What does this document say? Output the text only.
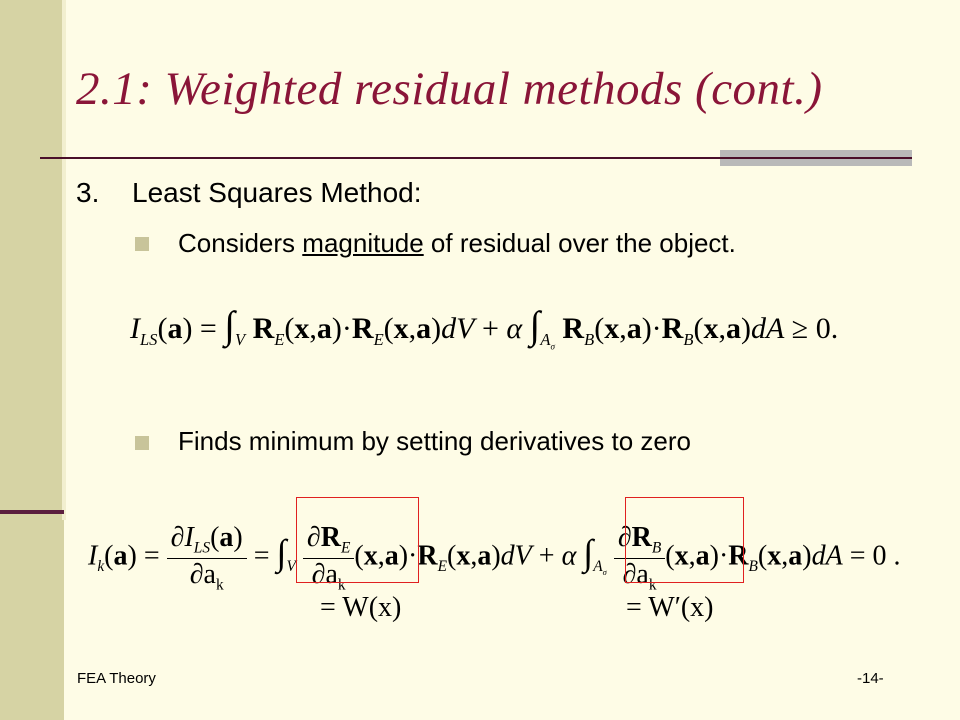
2.1: Weighted residual methods (cont.)
3. Least Squares Method:
Considers magnitude of residual over the object.
$I_{LS}(a) = \int_V$ $R_E(x,a)\cdot R_E(x,a)dV + \alpha$ $\int_{A_\sigma}$ $R_B(x,a)\cdot R_B(x,a)dA \ge 0$.
Finds minimum by setting derivatives to zero
$I_k(a) = \frac{\partial I_{LS}(a)}{\partial a_k} = \int_V \frac{\partial R_E}{\partial a_k} (x,a)\cdot R_E(x,a)dV + \alpha$ $\int_{A_\sigma} \frac{\partial R_B}{\partial a_k} (x,a)\cdot R_B(x,a)dA = 0$ .
= W(x)	= W′(x)
FEA Theory	-14-
